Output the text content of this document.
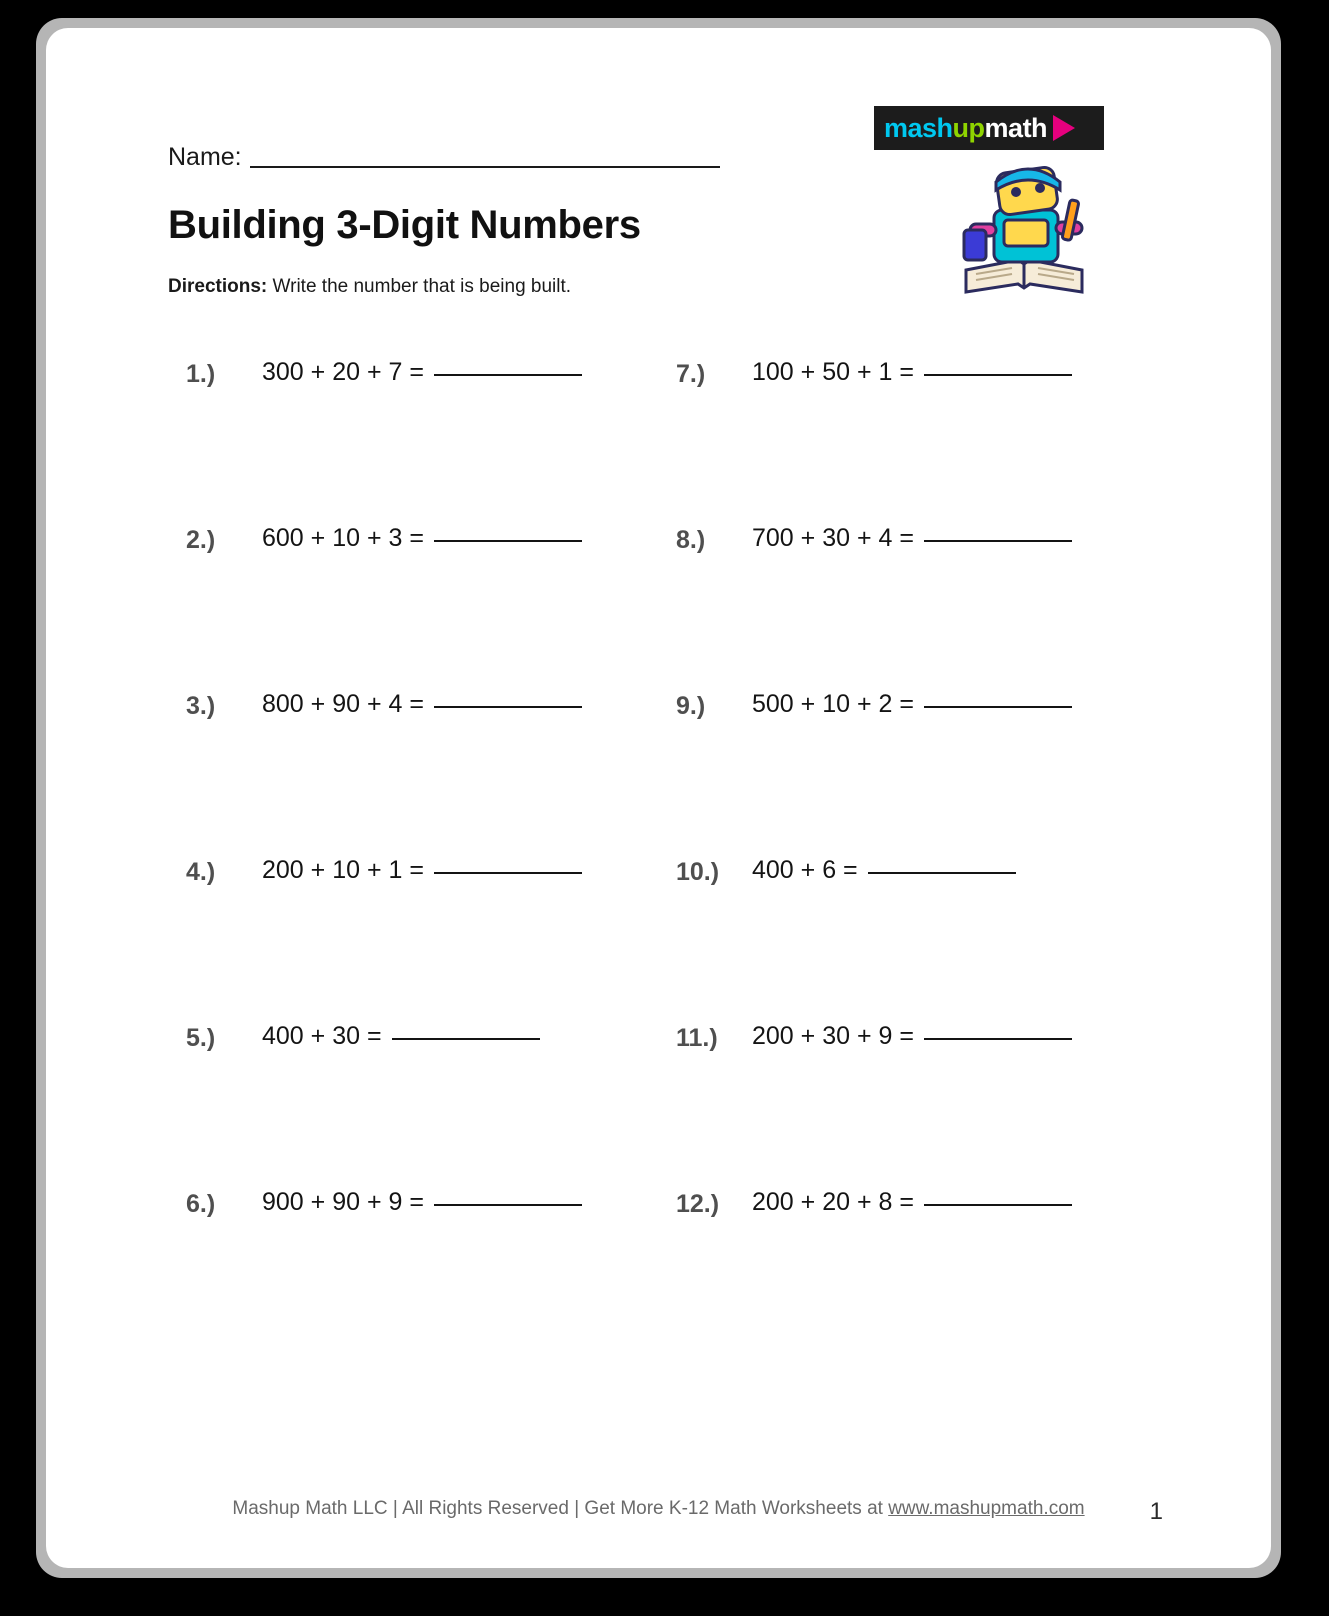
Name:
Building 3-Digit Numbers
Directions: Write the number that is being built.
mashupmath
1.)	300 + 20 + 7 =
2.)	600 + 10 + 3 =
3.)	800 + 90 + 4 =
4.)	200 + 10 + 1 =
5.)	400 + 30 =
6.)	900 + 90 + 9 =
7.)	100 + 50 + 1 =
8.)	700 + 30 + 4 =
9.)	500 + 10 + 2 =
10.)	400 + 6 =
11.)	200 + 30 + 9 =
12.)	200 + 20 + 8 =
Mashup Math LLC | All Rights Reserved | Get More K-12 Math Worksheets at www.mashupmath.com	1
